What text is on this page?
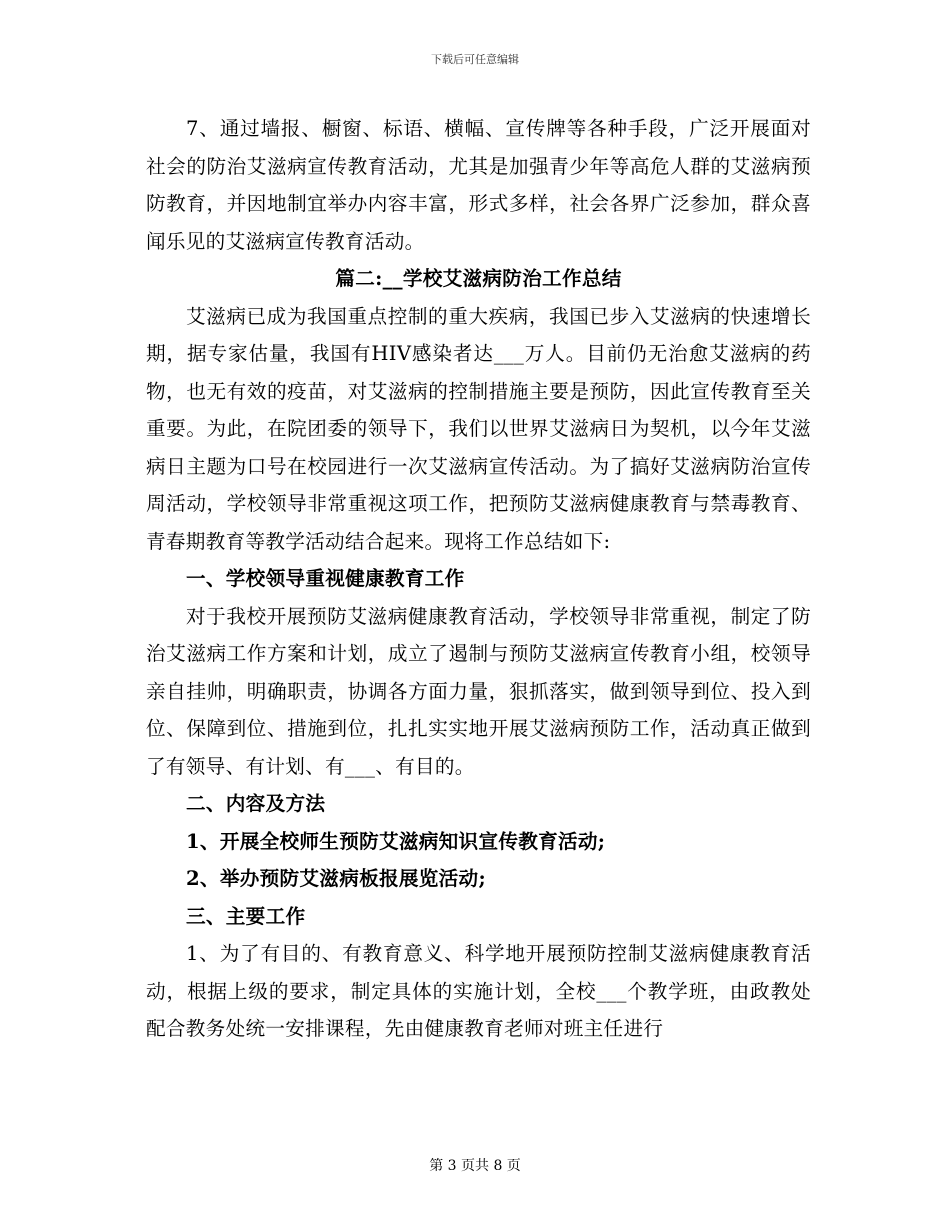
下载后可任意编辑

7、通过墙报、橱窗、标语、横幅、宣传牌等各种手段，广泛开展面对社会的防治艾滋病宣传教育活动，尤其是加强青少年等高危人群的艾滋病预防教育，并因地制宜举办内容丰富，形式多样，社会各界广泛参加，群众喜闻乐见的艾滋病宣传教育活动。

篇二:__学校艾滋病防治工作总结

艾滋病已成为我国重点控制的重大疾病，我国已步入艾滋病的快速增长期，据专家估量，我国有HIV感染者达___万人。目前仍无治愈艾滋病的药物，也无有效的疫苗，对艾滋病的控制措施主要是预防，因此宣传教育至关重要。为此，在院团委的领导下，我们以世界艾滋病日为契机，以今年艾滋病日主题为口号在校园进行一次艾滋病宣传活动。为了搞好艾滋病防治宣传周活动，学校领导非常重视这项工作，把预防艾滋病健康教育与禁毒教育、青春期教育等教学活动结合起来。现将工作总结如下:

一、学校领导重视健康教育工作

对于我校开展预防艾滋病健康教育活动，学校领导非常重视，制定了防治艾滋病工作方案和计划，成立了遏制与预防艾滋病宣传教育小组，校领导亲自挂帅，明确职责，协调各方面力量，狠抓落实，做到领导到位、投入到位、保障到位、措施到位，扎扎实实地开展艾滋病预防工作，活动真正做到了有领导、有计划、有___、有目的。

二、内容及方法

1、开展全校师生预防艾滋病知识宣传教育活动;

2、举办预防艾滋病板报展览活动;

三、主要工作

1、为了有目的、有教育意义、科学地开展预防控制艾滋病健康教育活动，根据上级的要求，制定具体的实施计划，全校___个教学班，由政教处配合教务处统一安排课程，先由健康教育老师对班主任进行

第 3 页共 8 页
